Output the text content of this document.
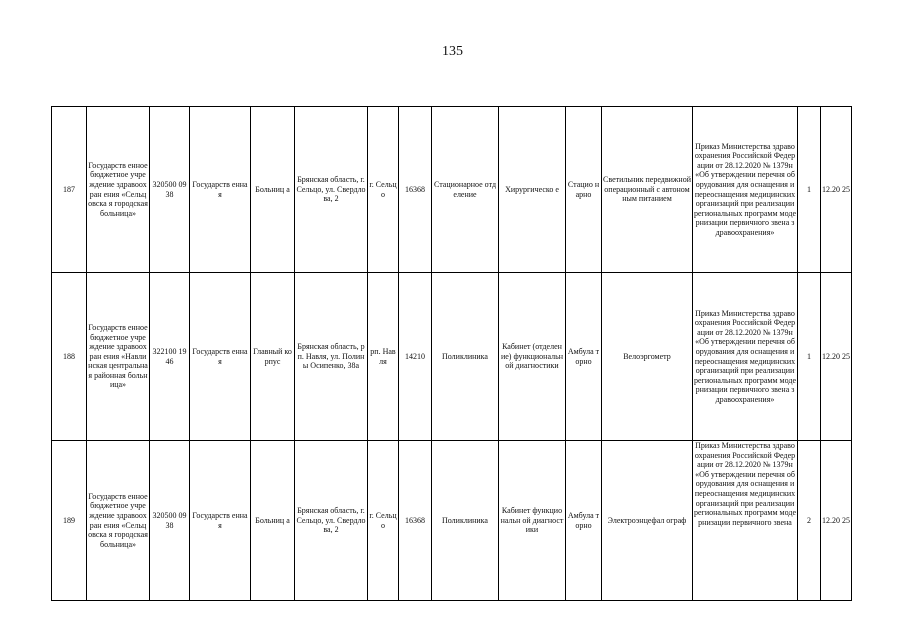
135
187	Государств енное бюджетное учреждение здравоохран ения «Сельцовска я городская больница»	320500 0938	Государств енная	Больниц а	Брянская область, г. Сельцо, ул. Свердлова, 2	г. Сельц о	16368	Стационарное отделение	Хирургическо е	Стацио нарно	Светильник передвижной операционный с автономным питанием	Приказ Министерства здравоохранения Российской Федерации от 28.12.2020 № 1379н «Об утверждении перечня оборудования для оснащения и переоснащения медицинских организаций при реализации региональных программ модернизации первичного звена здравоохранения»	1	12.20 25
188	Государств енное бюджетное учреждение здравоохран ения «Навлинская центральная районная больница»	322100 1946	Государств енная	Главный корпус	Брянская область, рп. Навля, ул. Полины Осипенко, 38а	рп. Навля	14210	Поликлиника	Кабинет (отделение) функциональн ой диагностики	Амбула торно	Велоэргометр	Приказ Министерства здравоохранения Российской Федерации от 28.12.2020 № 1379н «Об утверждении перечня оборудования для оснащения и переоснащения медицинских организаций при реализации региональных программ модернизации первичного звена здравоохранения»	1	12.20 25
189	Государств енное бюджетное учреждение здравоохран ения «Сельцовска я городская больница»	320500 0938	Государств енная	Больниц а	Брянская область, г. Сельцо, ул. Свердлова, 2	г. Сельц о	16368	Поликлиника	Кабинет функциональн ой диагностики	Амбула торно	Электроэнцефал ограф	Приказ Министерства здравоохранения Российской Федерации от 28.12.2020 № 1379н «Об утверждении перечня оборудования для оснащения и переоснащения медицинских организаций при реализации региональных программ модернизации первичного звена	2	12.20 25
